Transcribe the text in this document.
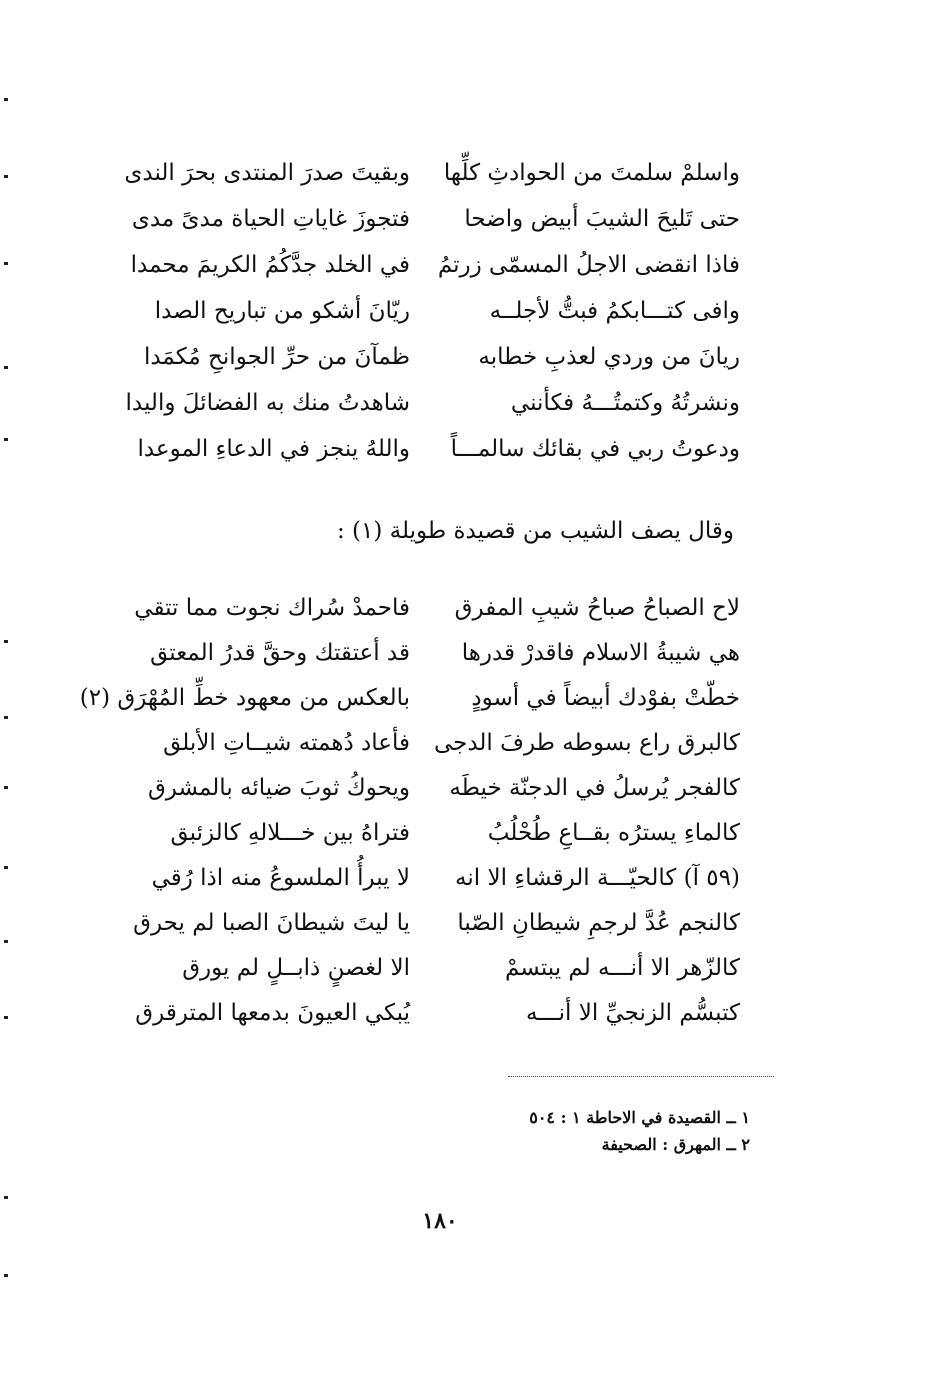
واسلمْ سلمتَ من الحوادثِ كلِّها
وبقيتَ صدرَ المنتدى بحرَ الندى
حتى تَليحَ الشيبَ أبيض واضحا
فتجوزَ غاياتِ الحياة مدىً مدى
فاذا انقضى الاجلُ المسمّى زرتمُ
في الخلد جدَّكُمُ الكريمَ محمدا
وافى كتـــابكمُ فبتُّ لأجلــه
ريّانَ أشكو من تباريح الصدا
ريانَ من وردي لعذبِ خطابه
ظمآنَ من حرِّ الجوانحِ مُكمَدا
ونشرتُهُ وكتمتُـــهُ فكأنني
شاهدتُ منك به الفضائلَ واليدا
ودعوتُ ربي في بقائك سالمـــاً
واللهُ ينجز في الدعاءِ الموعدا
وقال يصف الشيب من قصيدة طويلة (١) :
لاح الصباحُ صباحُ شيبِ المفرق
فاحمدْ سُراك نجوت مما تتقي
هي شيبةُ الاسلام فاقدرْ قدرها
قد أعتقتك وحقَّ قدرُ المعتق
خطّتْ بفوْدك أبيضاً في أسودٍ
بالعكس من معهود خطِّ المُهْرَق (٢)
كالبرق راع بسوطه طرفَ الدجى
فأعاد دُهمته شيــاتِ الأبلق
كالفجر يُرسلُ في الدجنّة خيطَه
ويحوكُ ثوبَ ضيائه بالمشرق
كالماءِ يسترُه بقــاعِ طُحْلُبُ
فتراهُ بين خـــلالهِ كالزئبق
(٥٩ آ) كالحيّـــة الرقشاءِ الا انه
لا يبرأُ الملسوعُ منه اذا رُقي
كالنجم عُدَّ لرجمِ شيطانِ الصّبا
يا ليتَ شيطانَ الصبا لم يحرق
كالزّهر الا أنـــه لم يبتسمْ
الا لغصنٍ ذابــلٍ لم يورق
كتبسُّم الزنجيِّ الا أنـــه
يُبكي العيونَ بدمعها المترقرق
١ ــ القصيدة في الاحاطة ١ : ٥٠٤
٢ ــ المهرق : الصحيفة
١٨٠
